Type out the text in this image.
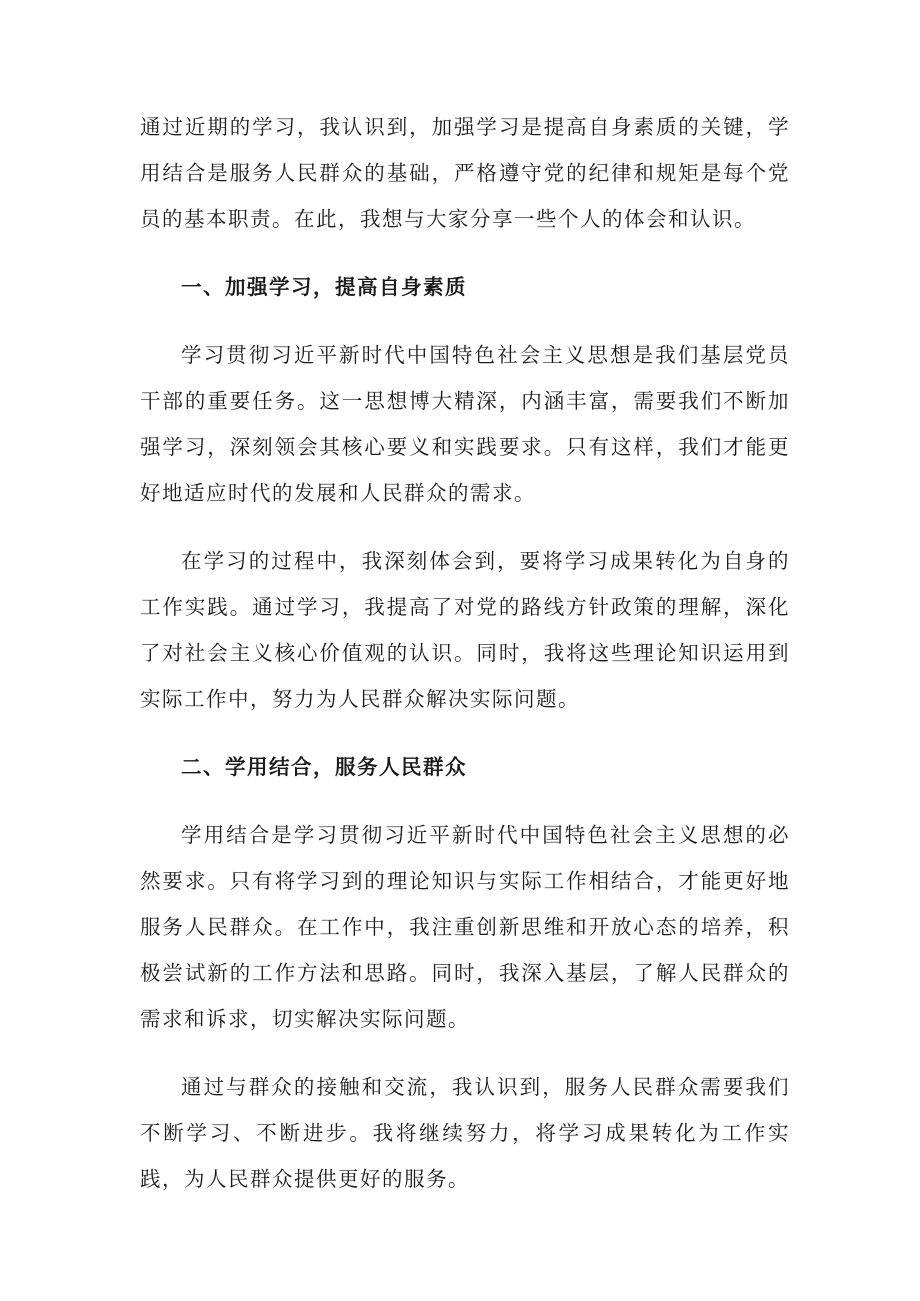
通过近期的学习，我认识到，加强学习是提高自身素质的关键，学用结合是服务人民群众的基础，严格遵守党的纪律和规矩是每个党员的基本职责。在此，我想与大家分享一些个人的体会和认识。

一、加强学习，提高自身素质

学习贯彻习近平新时代中国特色社会主义思想是我们基层党员干部的重要任务。这一思想博大精深，内涵丰富，需要我们不断加强学习，深刻领会其核心要义和实践要求。只有这样，我们才能更好地适应时代的发展和人民群众的需求。

在学习的过程中，我深刻体会到，要将学习成果转化为自身的工作实践。通过学习，我提高了对党的路线方针政策的理解，深化了对社会主义核心价值观的认识。同时，我将这些理论知识运用到实际工作中，努力为人民群众解决实际问题。

二、学用结合，服务人民群众

学用结合是学习贯彻习近平新时代中国特色社会主义思想的必然要求。只有将学习到的理论知识与实际工作相结合，才能更好地服务人民群众。在工作中，我注重创新思维和开放心态的培养，积极尝试新的工作方法和思路。同时，我深入基层，了解人民群众的需求和诉求，切实解决实际问题。

通过与群众的接触和交流，我认识到，服务人民群众需要我们不断学习、不断进步。我将继续努力，将学习成果转化为工作实践，为人民群众提供更好的服务。
